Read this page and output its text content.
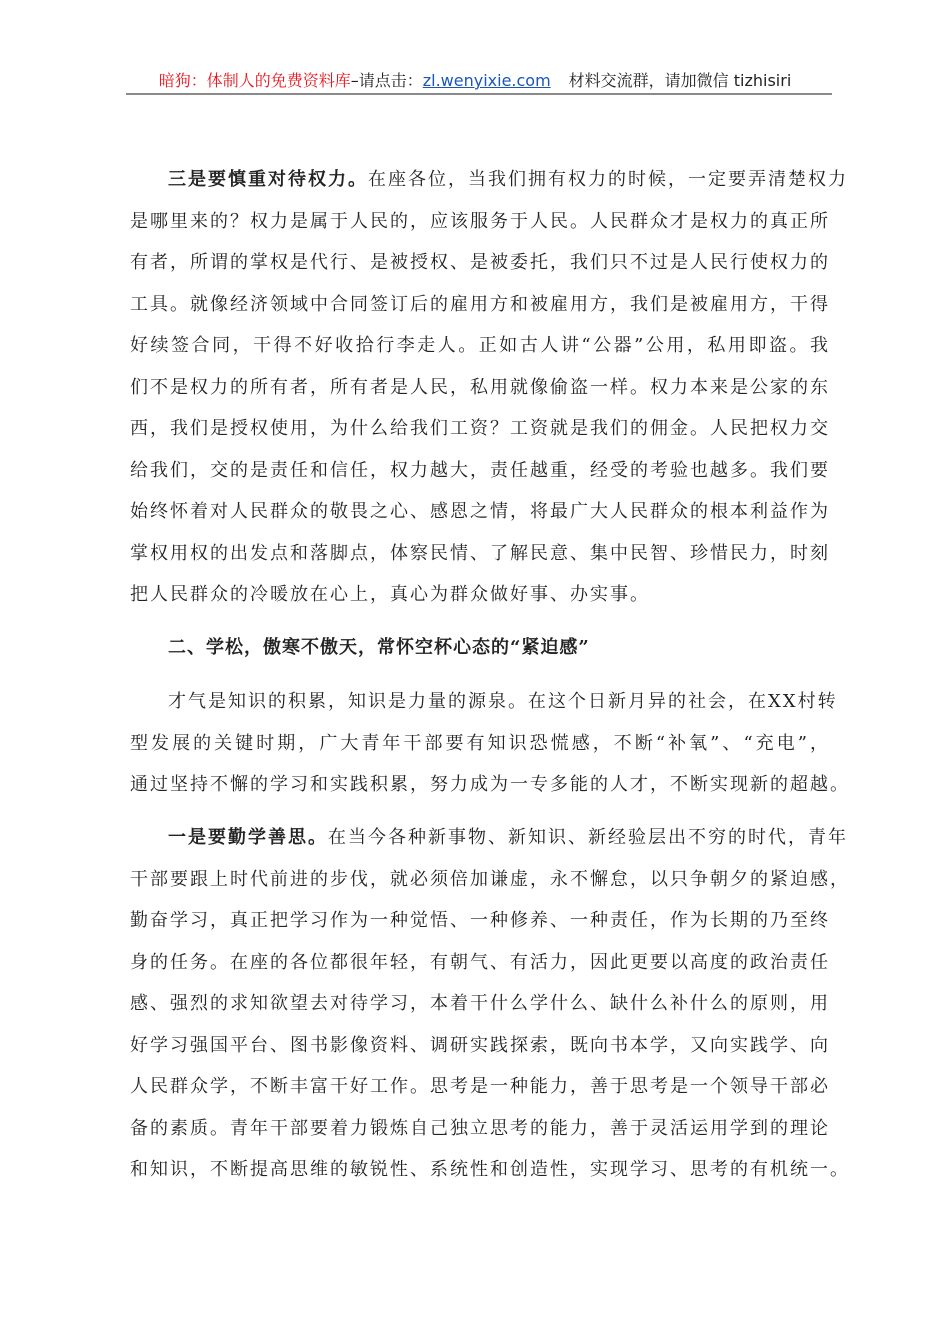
暗狗：体制人的免费资料库–请点击：zl.wenyixie.com 材料交流群，请加微信 tizhisiri
三是要慎重对待权力。在座各位，当我们拥有权力的时候，一定要弄清楚权力
是哪里来的？权力是属于人民的，应该服务于人民。人民群众才是权力的真正所
有者，所谓的掌权是代行、是被授权、是被委托，我们只不过是人民行使权力的
工具。就像经济领域中合同签订后的雇用方和被雇用方，我们是被雇用方，干得
好续签合同，干得不好收拾行李走人。正如古人讲“公器”公用，私用即盗。我
们不是权力的所有者，所有者是人民，私用就像偷盗一样。权力本来是公家的东
西，我们是授权使用，为什么给我们工资？工资就是我们的佣金。人民把权力交
给我们，交的是责任和信任，权力越大，责任越重，经受的考验也越多。我们要
始终怀着对人民群众的敬畏之心、感恩之情，将最广大人民群众的根本利益作为
掌权用权的出发点和落脚点，体察民情、了解民意、集中民智、珍惜民力，时刻
把人民群众的冷暖放在心上，真心为群众做好事、办实事。
二、学松，傲寒不傲天，常怀空杯心态的“紧迫感”
才气是知识的积累，知识是力量的源泉。在这个日新月异的社会，在XX村转
型发展的关键时期，广大青年干部要有知识恐慌感，不断“补氧”、“充电”，
通过坚持不懈的学习和实践积累，努力成为一专多能的人才，不断实现新的超越。
一是要勤学善思。在当今各种新事物、新知识、新经验层出不穷的时代，青年
干部要跟上时代前进的步伐，就必须倍加谦虚，永不懈怠，以只争朝夕的紧迫感，
勤奋学习，真正把学习作为一种觉悟、一种修养、一种责任，作为长期的乃至终
身的任务。在座的各位都很年轻，有朝气、有活力，因此更要以高度的政治责任
感、强烈的求知欲望去对待学习，本着干什么学什么、缺什么补什么的原则，用
好学习强国平台、图书影像资料、调研实践探索，既向书本学，又向实践学、向
人民群众学，不断丰富干好工作。思考是一种能力，善于思考是一个领导干部必
备的素质。青年干部要着力锻炼自己独立思考的能力，善于灵活运用学到的理论
和知识，不断提高思维的敏锐性、系统性和创造性，实现学习、思考的有机统一。
